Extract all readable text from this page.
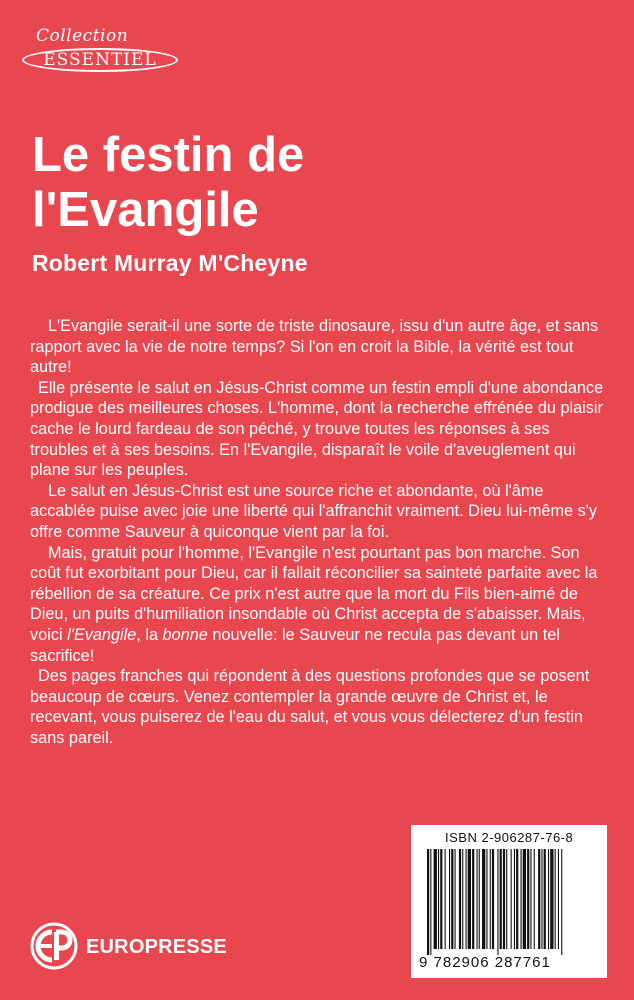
Collection
ESSENTIEL
Le festin de
l'Evangile
Robert Murray M'Cheyne

L'Evangile serait-il une sorte de triste dinosaure, issu d'un autre âge, et sans rapport avec la vie de notre temps? Si l'on en croit la Bible, la vérité est tout autre!

Elle présente le salut en Jésus-Christ comme un festin empli d'une abondance prodigue des meilleures choses. L'homme, dont la recherche effrénée du plaisir cache le lourd fardeau de son péché, y trouve toutes les réponses à ses troubles et à ses besoins. En l'Evangile, disparaît le voile d'aveuglement qui plane sur les peuples.

Le salut en Jésus-Christ est une source riche et abondante, où l'âme accablée puise avec joie une liberté qui l'affranchit vraiment. Dieu lui-même s'y offre comme Sauveur à quiconque vient par la foi.

Mais, gratuit pour l'homme, l'Evangile n'est pourtant pas bon marche. Son coût fut exorbitant pour Dieu, car il fallait réconcilier sa sainteté parfaite avec la rébellion de sa créature. Ce prix n'est autre que la mort du Fils bien-aimé de Dieu, un puits d'humiliation insondable où Christ accepta de s'abaisser. Mais, voici l'Evangile, la bonne nouvelle: le Sauveur ne recula pas devant un tel sacrifice!

Des pages franches qui répondent à des questions profondes que se posent beaucoup de cœurs. Venez contempler la grande œuvre de Christ et, le recevant, vous puiserez de l'eau du salut, et vous vous délecterez d'un festin sans pareil.

EUROPRESSE
ISBN 2-906287-76-8
9 782906 287761
